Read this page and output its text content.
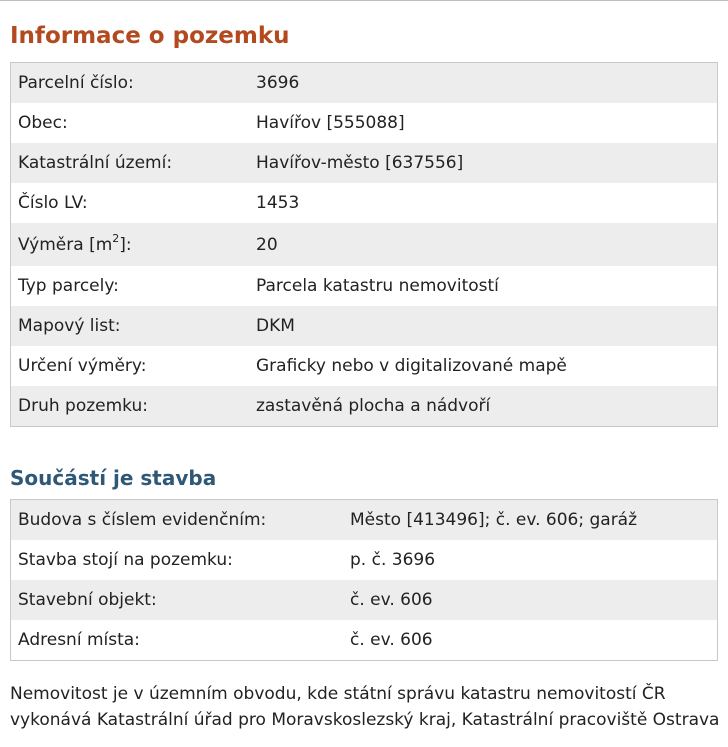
Informace o pozemku
Parcelní číslo:	3696
Obec:	Havířov [555088]
Katastrální území:	Havířov-město [637556]
Číslo LV:	1453
Výměra $[m^2]$:	20
Typ parcely:	Parcela katastru nemovitostí
Mapový list:	DKM
Určení výměry:	Graficky nebo v digitalizované mapě
Druh pozemku:	zastavěná plocha a nádvoří
Součástí je stavba
Budova s číslem evidenčním:	Město [413496]; č. ev. 606; garáž
Stavba stojí na pozemku:	p. č. 3696
Stavební objekt:	č. ev. 606
Adresní místa:	č. ev. 606

Nemovitost je v územním obvodu, kde státní správu katastru nemovitostí ČR vykonává Katastrální úřad pro Moravskoslezský kraj, Katastrální pracoviště Ostrava
